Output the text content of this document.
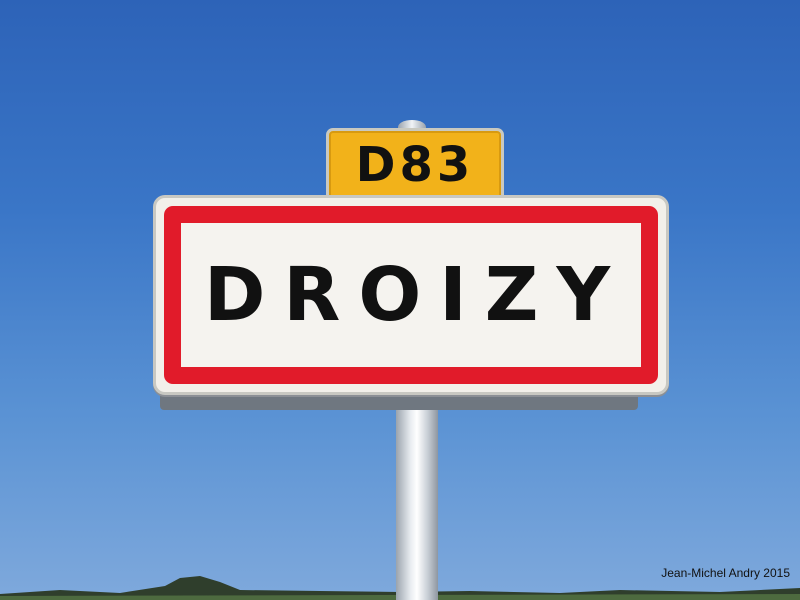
D83
DROIZY
Jean-Michel Andry 2015
